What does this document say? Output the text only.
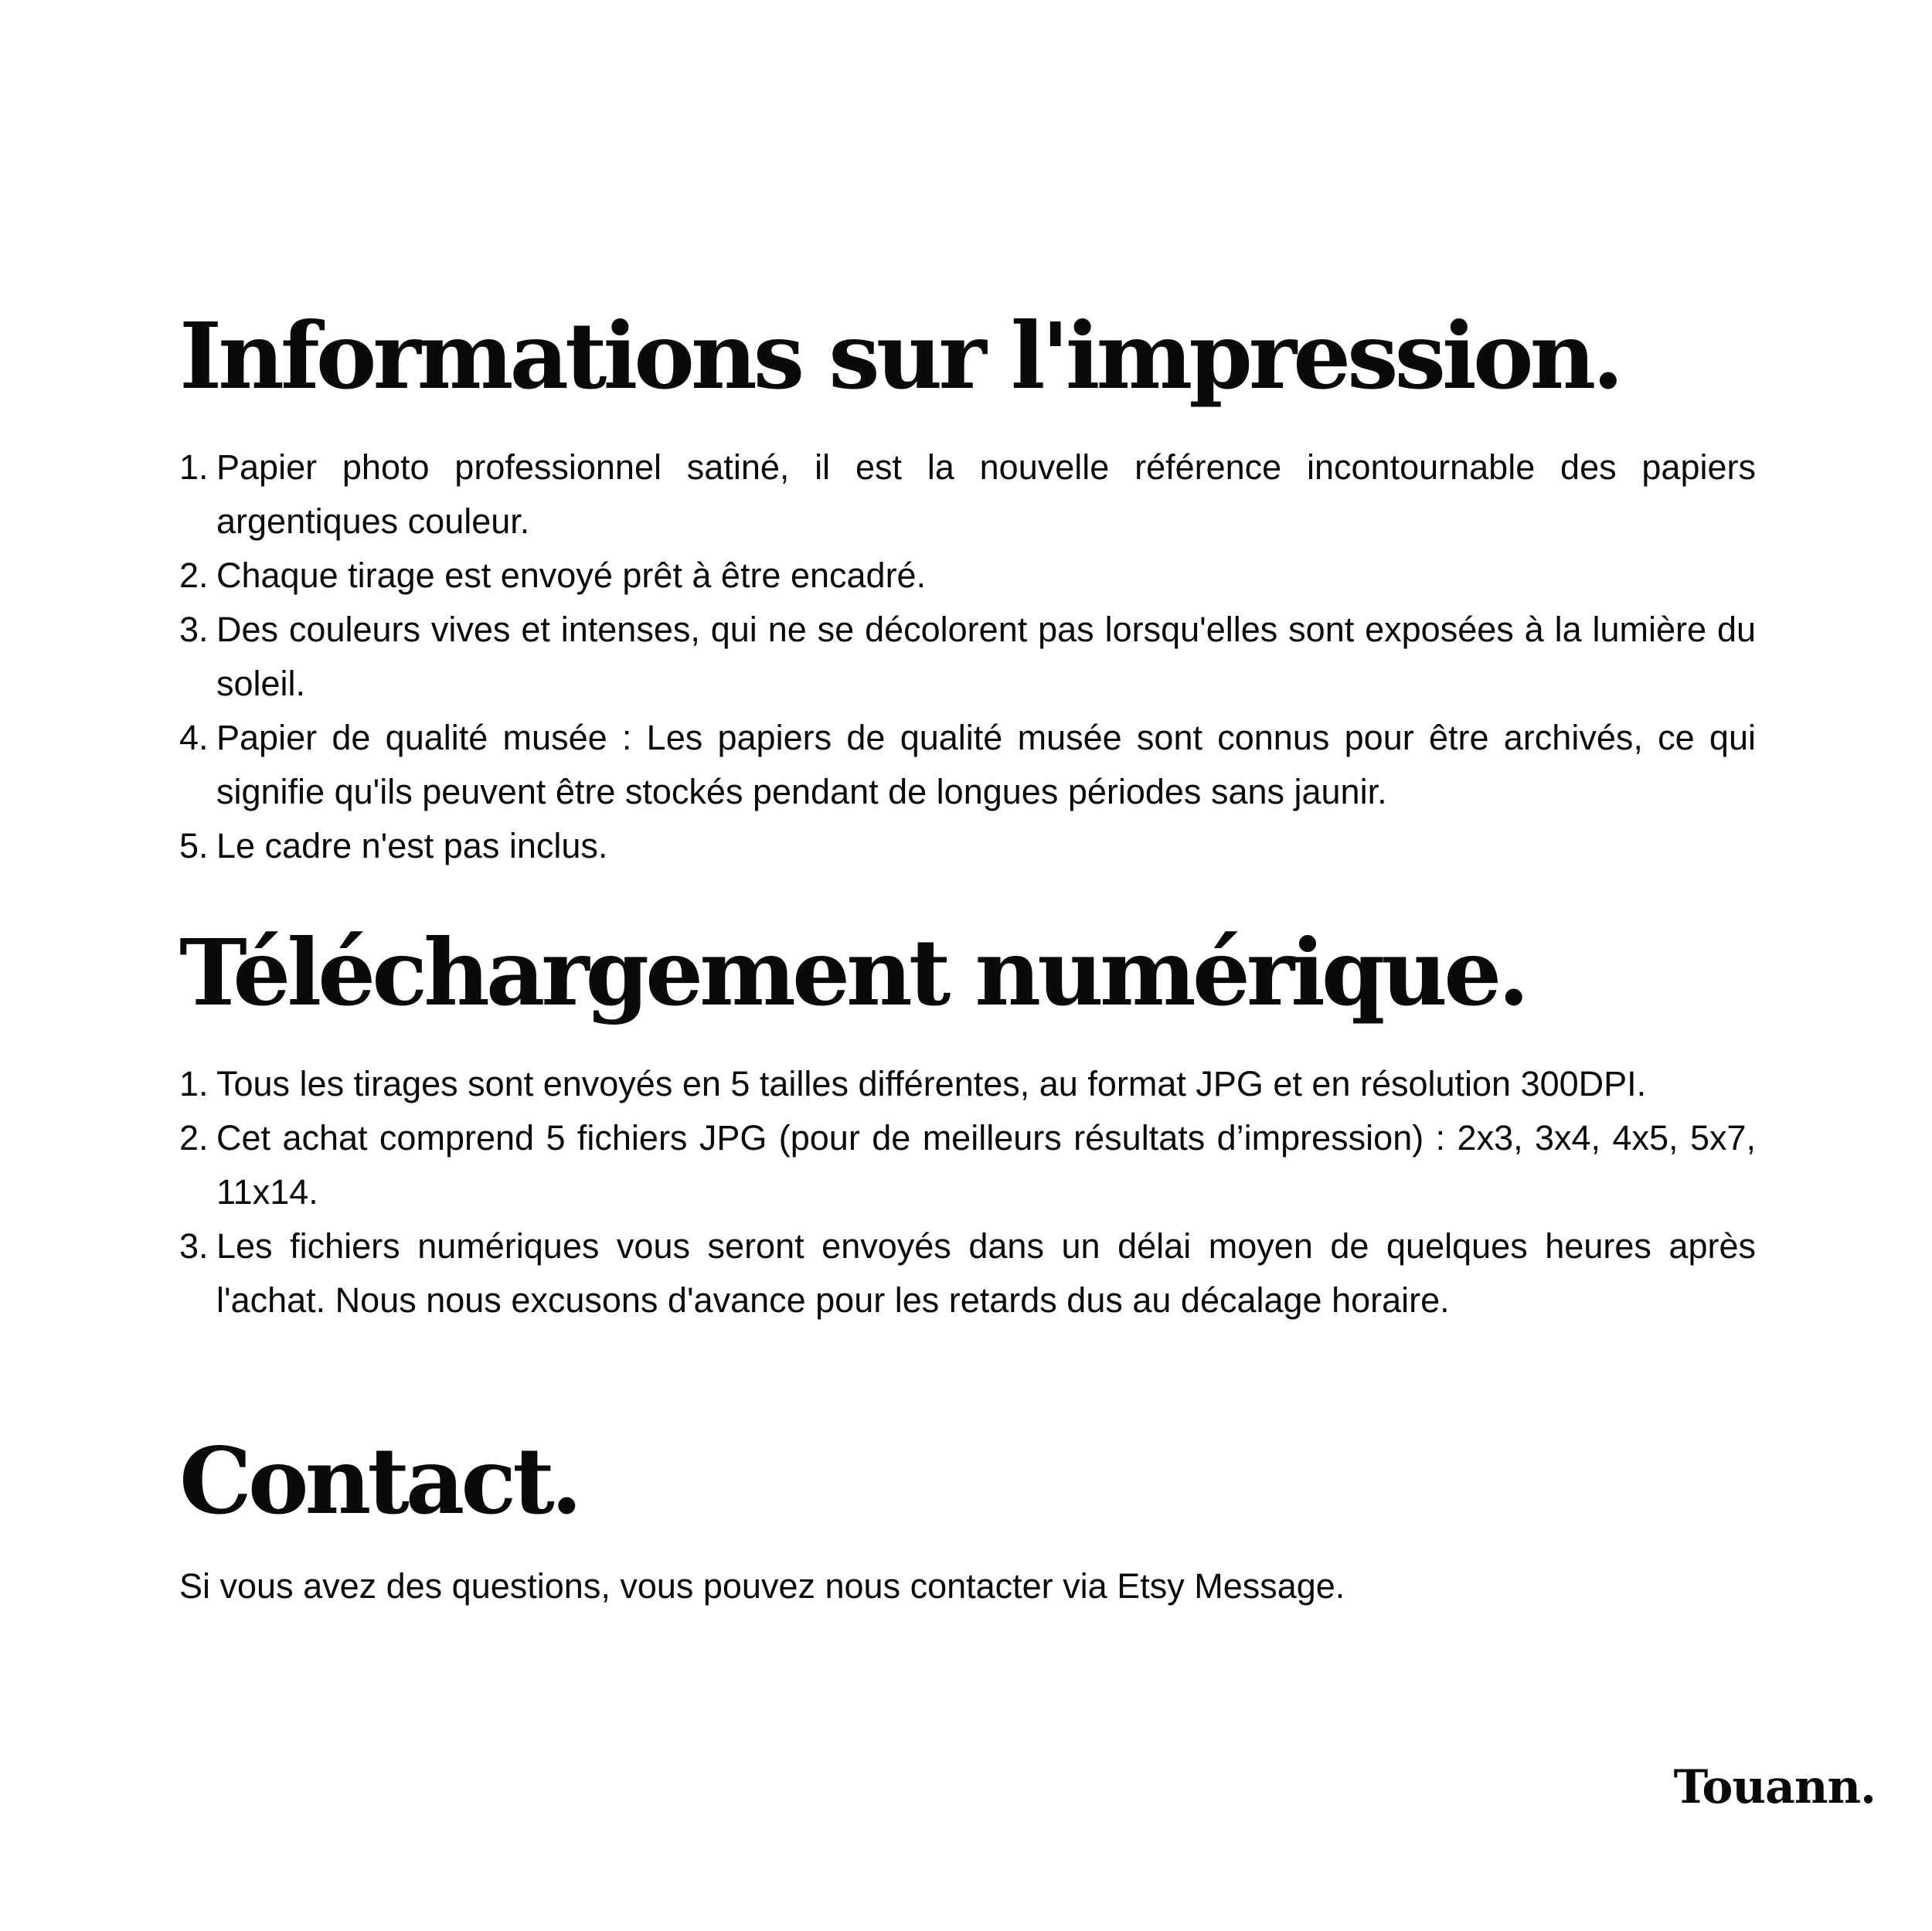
Informations sur l'impression.
1. Papier photo professionnel satiné, il est la nouvelle référence incontournable des papiers argentiques couleur.
2. Chaque tirage est envoyé prêt à être encadré.
3. Des couleurs vives et intenses, qui ne se décolorent pas lorsqu'elles sont exposées à la lumière du soleil.
4. Papier de qualité musée : Les papiers de qualité musée sont connus pour être archivés, ce qui signifie qu'ils peuvent être stockés pendant de longues périodes sans jaunir.
5. Le cadre n'est pas inclus.
Téléchargement numérique.
1. Tous les tirages sont envoyés en 5 tailles différentes, au format JPG et en résolution 300DPI.
2. Cet achat comprend 5 fichiers JPG (pour de meilleurs résultats d’impression) : 2x3, 3x4, 4x5, 5x7, 11x14.
3. Les fichiers numériques vous seront envoyés dans un délai moyen de quelques heures après l'achat. Nous nous excusons d'avance pour les retards dus au décalage horaire.
Contact.

Si vous avez des questions, vous pouvez nous contacter via Etsy Message.

Touann.
